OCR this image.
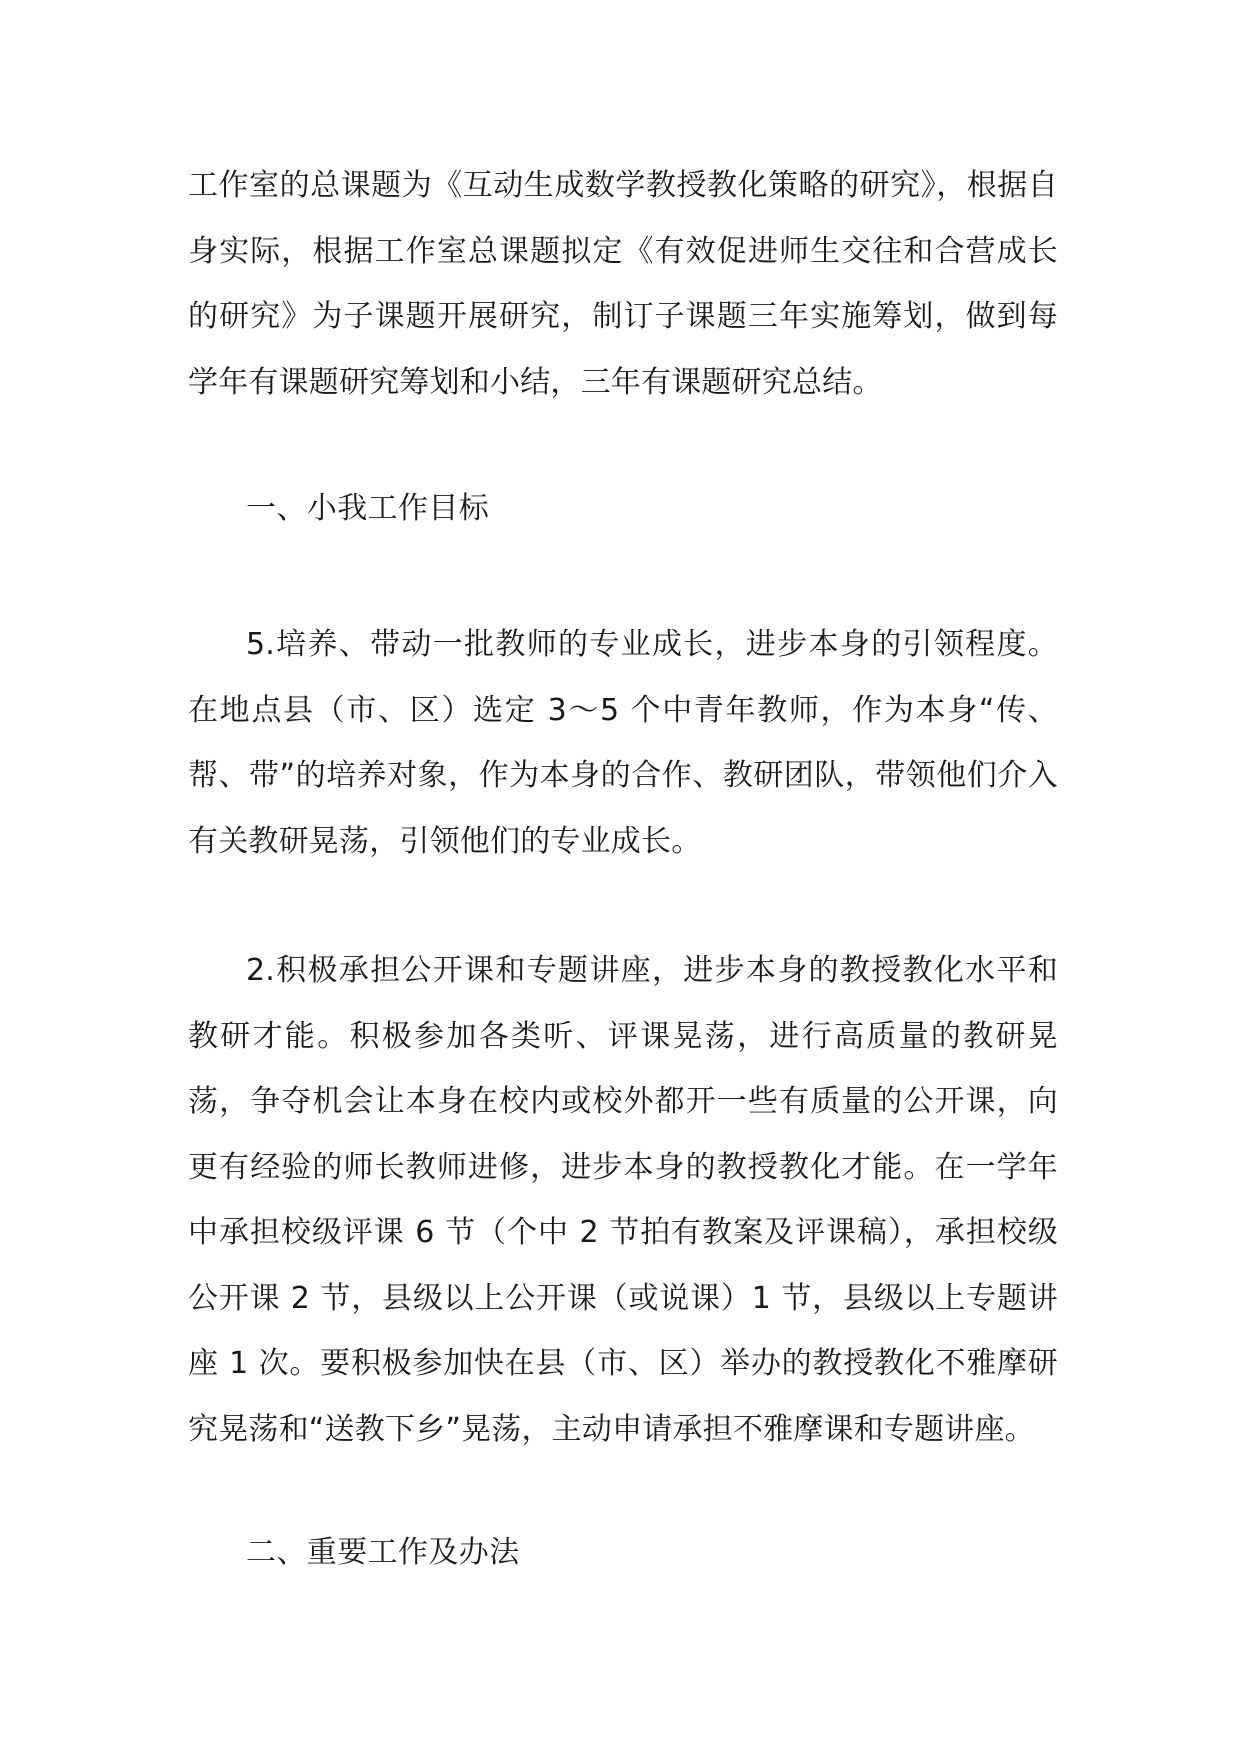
工作室的总课题为《互动生成数学教授教化策略的研究》，根据自身实际，根据工作室总课题拟定《有效促进师生交往和合营成长的研究》为子课题开展研究，制订子课题三年实施筹划，做到每学年有课题研究筹划和小结，三年有课题研究总结。

一、小我工作目标

5.培养、带动一批教师的专业成长，进步本身的引领程度。在地点县（市、区）选定 3～5 个中青年教师，作为本身“传、帮、带”的培养对象，作为本身的合作、教研团队，带领他们介入有关教研晃荡，引领他们的专业成长。

2.积极承担公开课和专题讲座，进步本身的教授教化水平和教研才能。积极参加各类听、评课晃荡，进行高质量的教研晃荡，争夺机会让本身在校内或校外都开一些有质量的公开课，向更有经验的师长教师进修，进步本身的教授教化才能。在一学年中承担校级评课 6 节（个中 2 节拍有教案及评课稿），承担校级公开课 2 节，县级以上公开课（或说课）1 节，县级以上专题讲座 1 次。要积极参加快在县（市、区）举办的教授教化不雅摩研究晃荡和“送教下乡”晃荡，主动申请承担不雅摩课和专题讲座。

二、重要工作及办法
